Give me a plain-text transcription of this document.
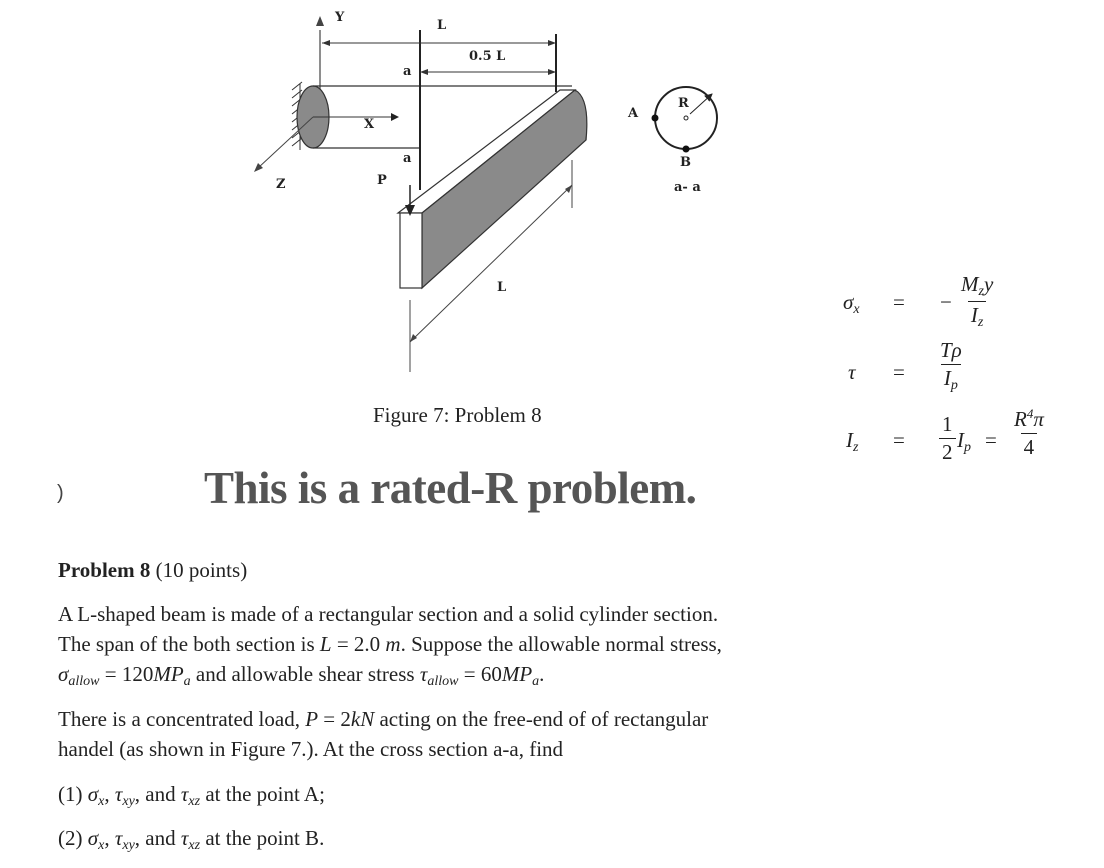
Y
L
0.5 L
a
X
a
Z	P
L
A
R
B
a- a
Figure 7: Problem 8
$\sigma_x$ = −
$M_zy$
$I_z$
$\tau = \frac{T\rho}{I_p}$
$I_z = \frac{1}{2} I_p = \frac{R^4\pi}{4}$
)	This is a rated-R problem.
Problem 8 (10 points)
A L-shaped beam is made of a rectangular section and a solid cylinder section.
The span of the both section is L = 2.0 m. Suppose the allowable normal stress,
$\sigma_{allow} = 120MP_a$ and allowable shear stress $\tau_{allow} = 60MP_a$.
There is a concentrated load, P = 2kN acting on the free-end of of rectangular
handel (as shown in Figure 7.). At the cross section a-a, find
(1) $\sigma_x$, $\tau_{xy}$, and $\tau_{xz}$ at the point A;
(2) $\sigma_x$, $\tau_{xy}$, and $\tau_{xz}$ at the point B.
